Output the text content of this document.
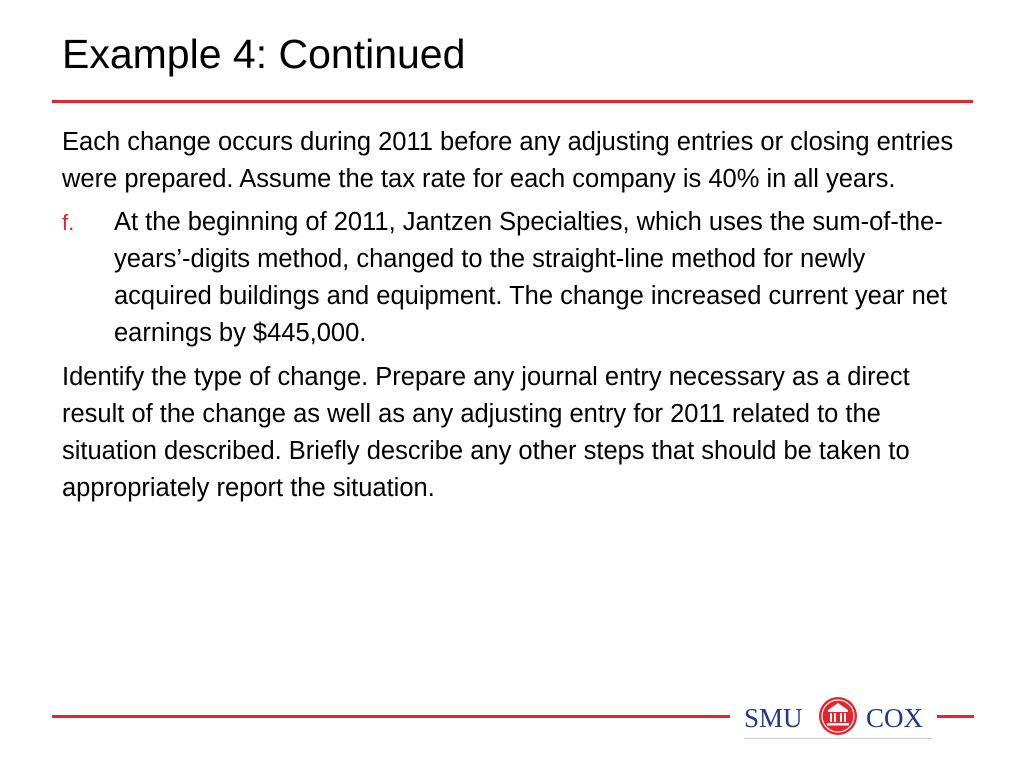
Example 4: Continued

Each change occurs during 2011 before any adjusting entries or closing entries were prepared. Assume the tax rate for each company is 40% in all years.

f. At the beginning of 2011, Jantzen Specialties, which uses the sum-of-the-years’-digits method, changed to the straight-line method for newly acquired buildings and equipment. The change increased current year net earnings by $445,000.

Identify the type of change. Prepare any journal entry necessary as a direct result of the change as well as any adjusting entry for 2011 related to the situation described. Briefly describe any other steps that should be taken to appropriately report the situation.

SMU COX
